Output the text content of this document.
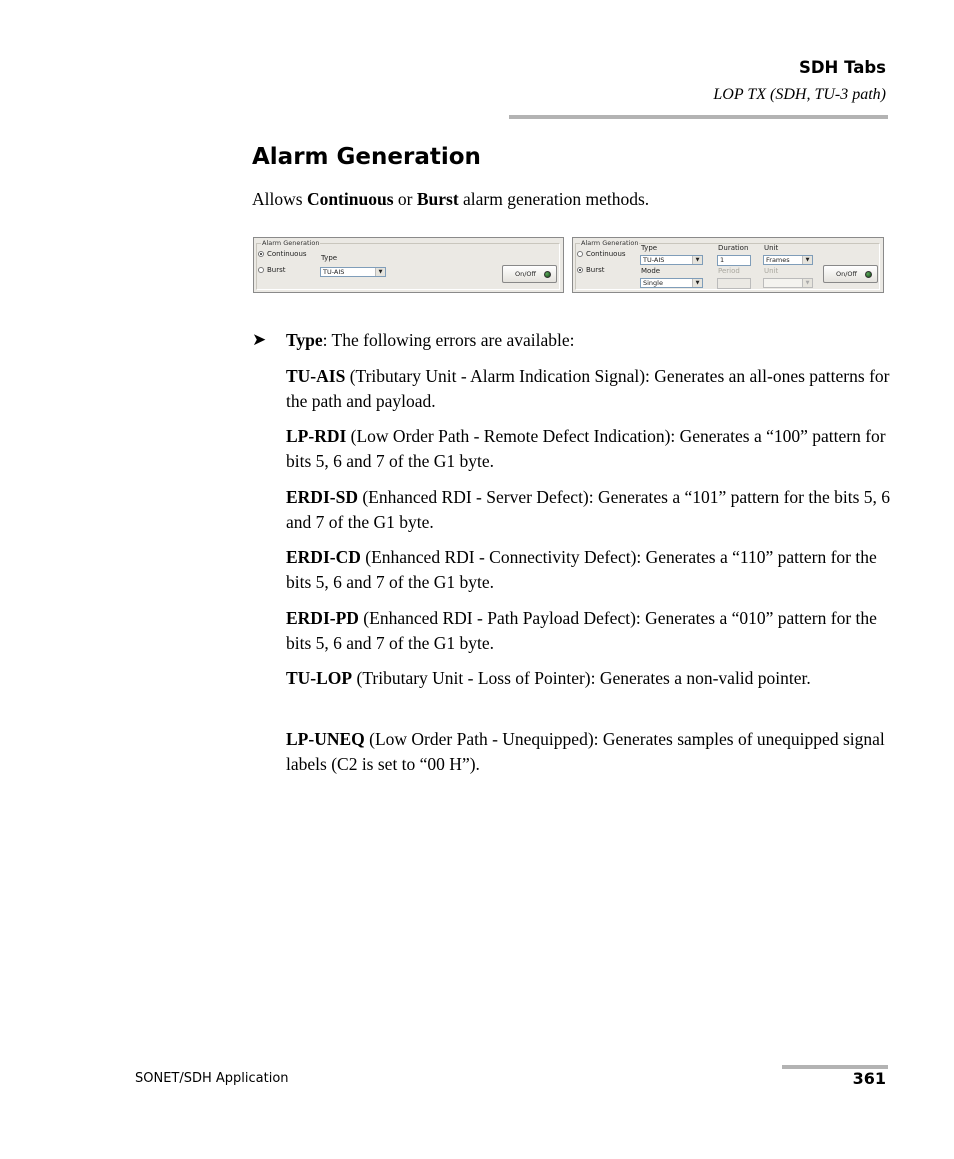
SDH Tabs
LOP TX (SDH, TU-3 path)
Alarm Generation

Allows Continuous or Burst alarm generation methods.

Alarm Generation
Continuous
Burst
Type
TU-AIS	▼	On/Off
Alarm Generation
Continuous
Burst
Type
TU-AIS	▼
Mode
Single	▼
Duration
1
Period
Unit
Frames	▼
Unit
▼
On/Off
➤ Type: The following errors are available:

TU-AIS (Tributary Unit - Alarm Indication Signal): Generates an all-ones patterns for the path and payload.

LP-RDI (Low Order Path - Remote Defect Indication): Generates a “100” pattern for bits 5, 6 and 7 of the G1 byte.

ERDI-SD (Enhanced RDI - Server Defect): Generates a “101” pattern for the bits 5, 6 and 7 of the G1 byte.

ERDI-CD (Enhanced RDI - Connectivity Defect): Generates a “110” pattern for the bits 5, 6 and 7 of the G1 byte.

ERDI-PD (Enhanced RDI - Path Payload Defect): Generates a “010” pattern for the bits 5, 6 and 7 of the G1 byte.

TU-LOP (Tributary Unit - Loss of Pointer): Generates a non-valid pointer.

LP-UNEQ (Low Order Path - Unequipped): Generates samples of unequipped signal labels (C2 is set to “00 H”).

SONET/SDH Application	361
